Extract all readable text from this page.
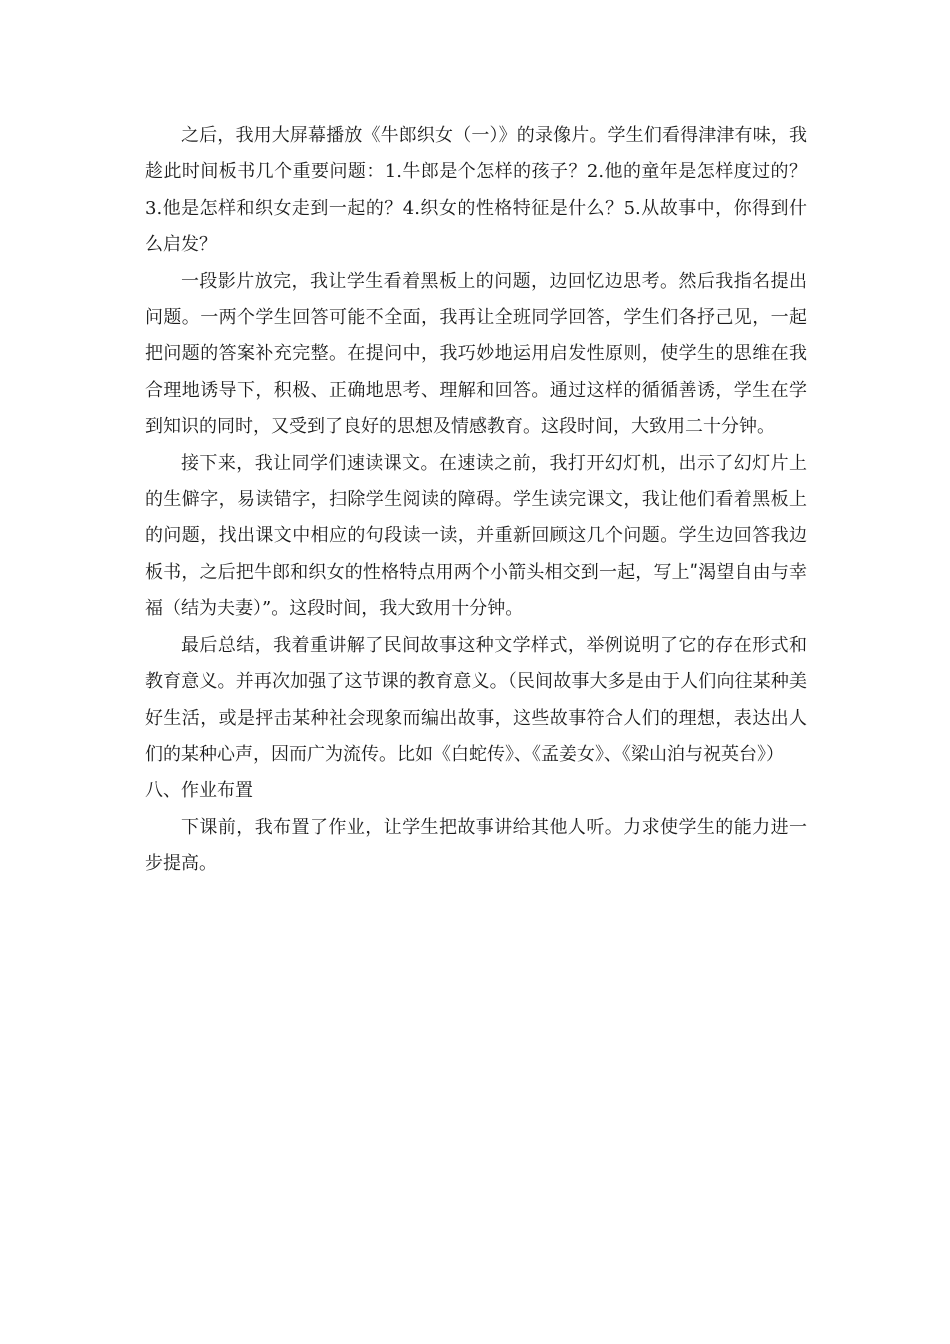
之后，我用大屏幕播放《牛郎织女（一）》的录像片。学生们看得津津有味，我趁此时间板书几个重要问题：1.牛郎是个怎样的孩子？2.他的童年是怎样度过的？ 3.他是怎样和织女走到一起的？4.织女的性格特征是什么？5.从故事中，你得到什么启发？

一段影片放完，我让学生看着黑板上的问题，边回忆边思考。然后我指名提出问题。一两个学生回答可能不全面，我再让全班同学回答，学生们各抒己见，一起把问题的答案补充完整。在提问中，我巧妙地运用启发性原则，使学生的思维在我合理地诱导下，积极、正确地思考、理解和回答。通过这样的循循善诱，学生在学到知识的同时，又受到了良好的思想及情感教育。这段时间，大致用二十分钟。

接下来，我让同学们速读课文。在速读之前，我打开幻灯机，出示了幻灯片上的生僻字，易读错字，扫除学生阅读的障碍。学生读完课文，我让他们看着黑板上的问题，找出课文中相应的句段读一读，并重新回顾这几个问题。学生边回答我边板书，之后把牛郎和织女的性格特点用两个小箭头相交到一起，写上ʺ渴望自由与幸福（结为夫妻）”。这段时间，我大致用十分钟。

最后总结，我着重讲解了民间故事这种文学样式，举例说明了它的存在形式和教育意义。并再次加强了这节课的教育意义。（民间故事大多是由于人们向往某种美好生活，或是抨击某种社会现象而编出故事，这些故事符合人们的理想，表达出人们的某种心声，因而广为流传。比如《白蛇传》、《孟姜女》、《梁山泊与祝英台》）

八、作业布置

下课前，我布置了作业，让学生把故事讲给其他人听。力求使学生的能力进一步提高。
